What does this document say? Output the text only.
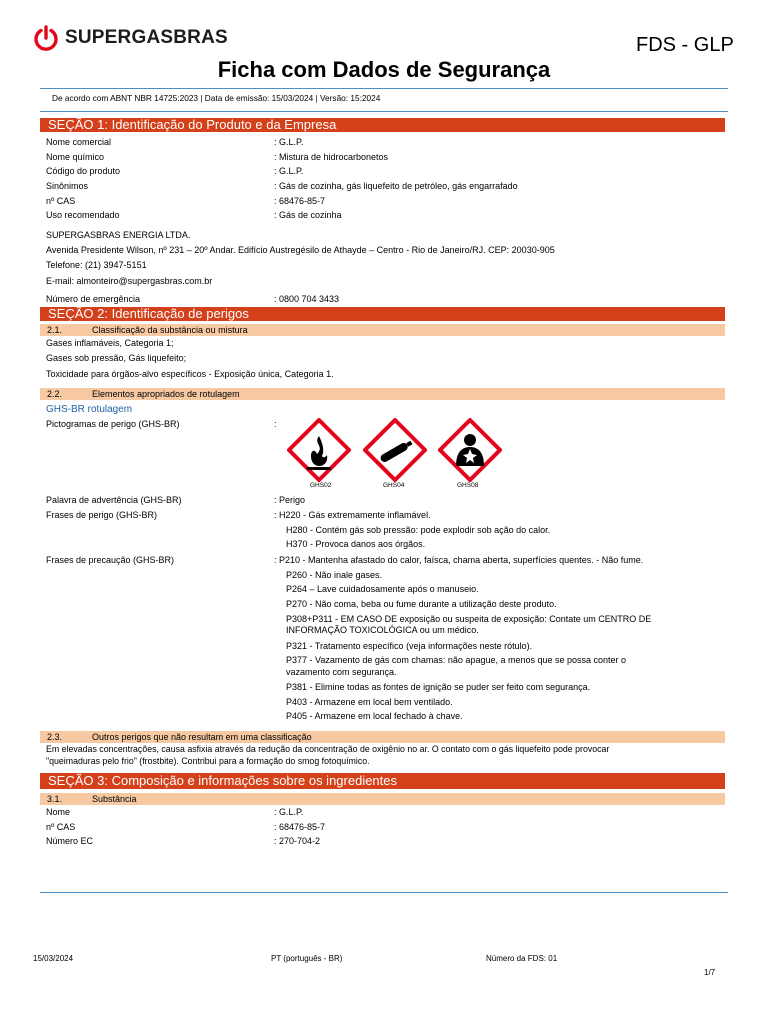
SUPERGASBRAS	FDS - GLP
Ficha com Dados de Segurança
De acordo com ABNT NBR 14725:2023 | Data de emissão: 15/03/2024 | Versão: 15:2024
SEÇÃO 1: Identificação do Produto e da Empresa
Nome comercial	: G.L.P.
Nome químico	: Mistura de hidrocarbonetos
Código do produto	: G.L.P.
Sinônimos	: Gás de cozinha, gás liquefeito de petróleo, gás engarrafado
nº CAS	: 68476-85-7
Uso recomendado	: Gás de cozinha
SUPERGASBRAS ENERGIA LTDA.
Avenida Presidente Wilson, nº 231 – 20º Andar. Edifício Austregésilo de Athayde – Centro - Rio de Janeiro/RJ. CEP: 20030-905
Telefone: (21) 3947-5151
E-mail: almonteiro@supergasbras.com.br
Número de emergência	: 0800 704 3433
SEÇÃO 2: Identificação de perigos
2.1.	Classificação da substância ou mistura
Gases inflamáveis, Categoria 1;
Gases sob pressão, Gás liquefeito;
Toxicidade para órgãos-alvo específicos - Exposição única, Categoria 1.
2.2.	Elementos apropriados de rotulagem
GHS-BR rotulagem
Pictogramas de perigo (GHS-BR)	:
GHS02	GHS04	GHS08
Palavra de advertência (GHS-BR)	: Perigo
Frases de perigo (GHS-BR)	: H220 - Gás extremamente inflamável.
H280 - Contém gás sob pressão: pode explodir sob ação do calor.
H370 - Provoca danos aos órgãos.
Frases de precaução (GHS-BR)	: P210 - Mantenha afastado do calor, faísca, chama aberta, superfícies quentes. - Não fume.
P260 - Não inale gases.
P264 – Lave cuidadosamente após o manuseio.
P270 - Não coma, beba ou fume durante a utilização deste produto.
P308+P311 - EM CASO DE exposição ou suspeita de exposição: Contate um CENTRO DE
INFORMAÇÃO TOXICOLÓGICA ou um médico.
P321 - Tratamento específico (veja informações neste rótulo).
P377 - Vazamento de gás com chamas: não apague, a menos que se possa conter o
vazamento com segurança.
P381 - Elimine todas as fontes de ignição se puder ser feito com segurança.
P403 - Armazene em local bem ventilado.
P405 - Armazene em local fechado à chave.
2.3.	Outros perigos que não resultam em uma classificação
Em elevadas concentrações, causa asfixia através da redução da concentração de oxigênio no ar. O contato com o gás liquefeito pode provocar
"queimaduras pelo frio" (frostbite). Contribui para a formação do smog fotoquímico.
SEÇÃO 3: Composição e informações sobre os ingredientes
3.1.	Substância
Nome	: G.L.P.
nº CAS	: 68476-85-7
Número EC	: 270-704-2
15/03/2024	PT (português - BR)	Número da FDS: 01
1/7
